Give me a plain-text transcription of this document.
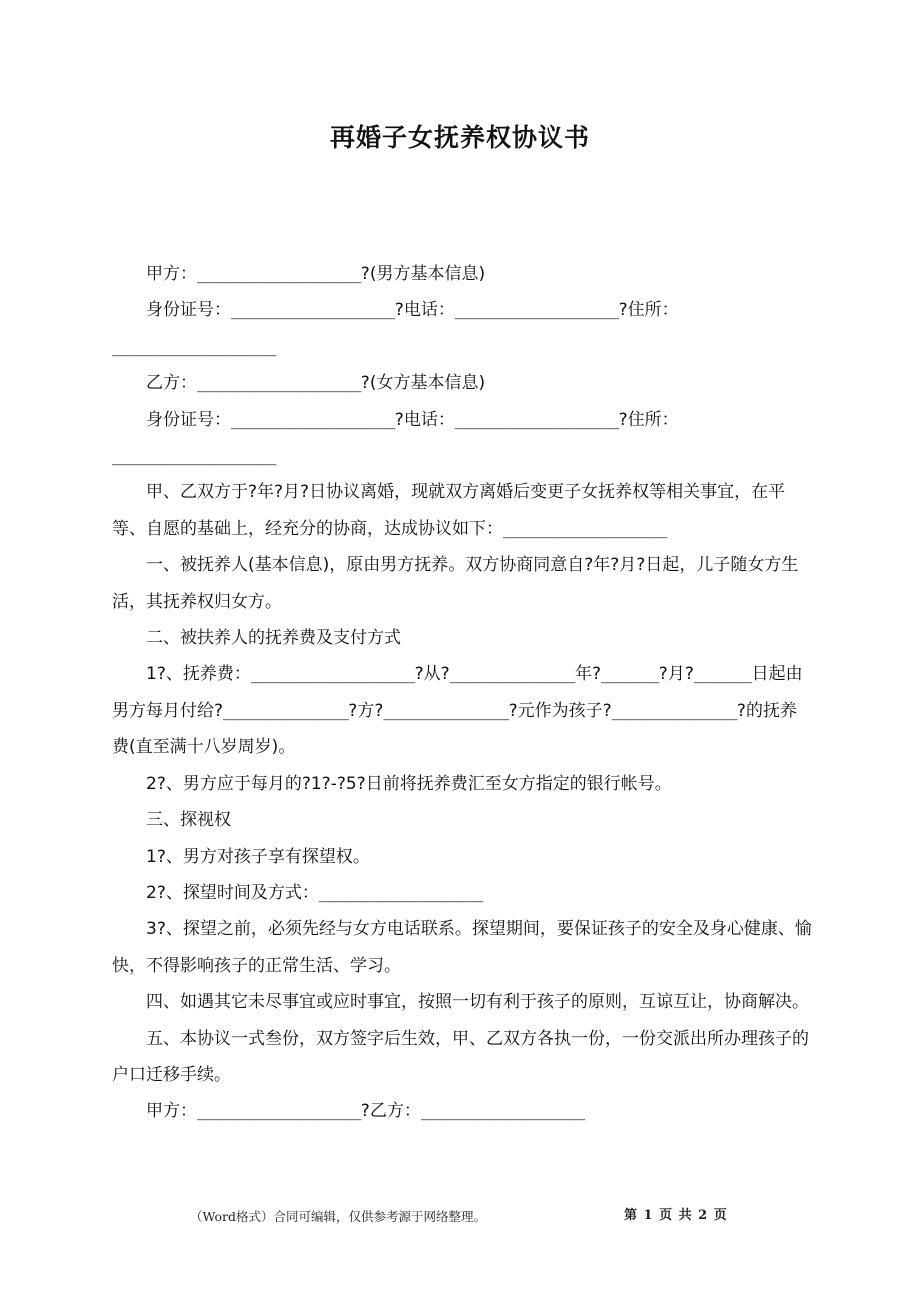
再婚子女抚养权协议书

甲方：_________________?(男方基本信息)

身份证号：_________________?电话：_________________?住所：_________________

乙方：_________________?(女方基本信息)

身份证号：_________________?电话：_________________?住所：_________________

甲、乙双方于?年?月?日协议离婚，现就双方离婚后变更子女抚养权等相关事宜，在平等、自愿的基础上，经充分的协商，达成协议如下：_________________

一、被抚养人(基本信息)，原由男方抚养。双方协商同意自?年?月?日起，儿子随女方生活，其抚养权归女方。

二、被扶养人的抚养费及支付方式

1?、抚养费：_________________?从?_____________年?______?月?______日起由男方每月付给?_____________?方?_____________?元作为孩子?_____________?的抚养费(直至满十八岁周岁)。

2?、男方应于每月的?1?-?5?日前将抚养费汇至女方指定的银行帐号。

三、探视权

1?、男方对孩子享有探望权。

2?、探望时间及方式：_________________

3?、探望之前，必须先经与女方电话联系。探望期间，要保证孩子的安全及身心健康、愉快，不得影响孩子的正常生活、学习。

四、如遇其它未尽事宜或应时事宜，按照一切有利于孩子的原则，互谅互让，协商解决。

五、本协议一式叁份，双方签字后生效，甲、乙双方各执一份，一份交派出所办理孩子的户口迁移手续。

甲方：_________________?乙方：_________________

（Word格式）合同可编辑，仅供参考源于网络整理。	第 1 页 共 2 页
